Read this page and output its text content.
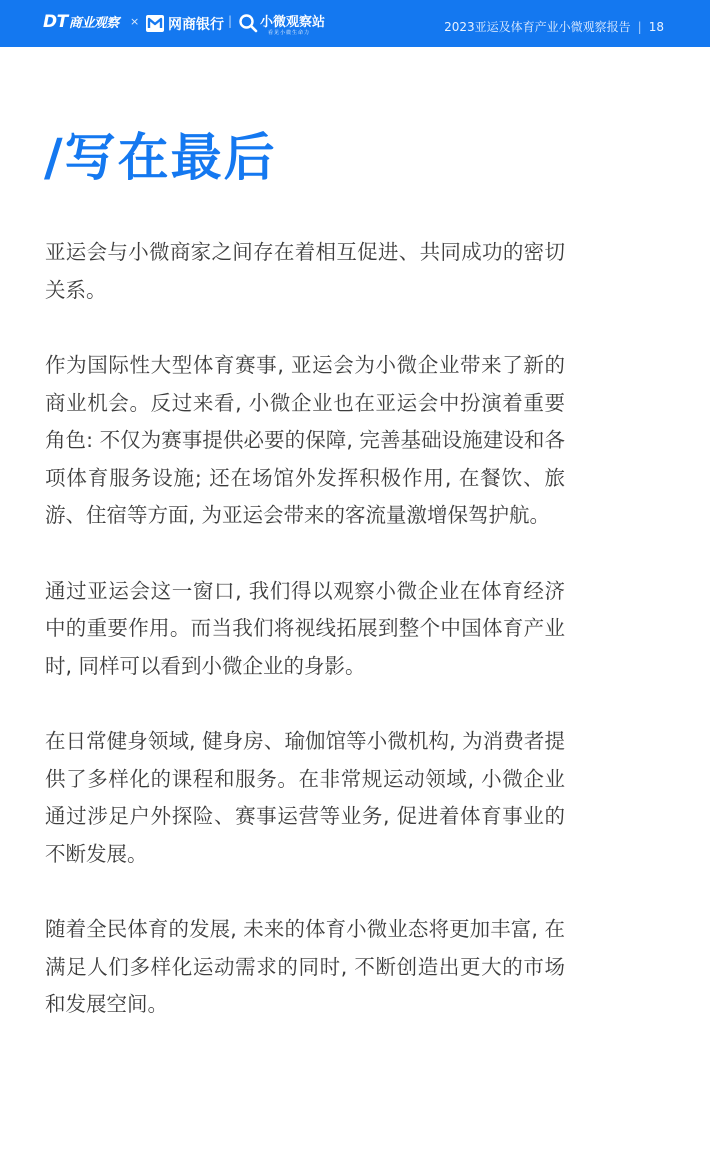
DT商业观察 × 网商银行 | 小微观察站
看见小微生命力	2023亚运及体育产业小微观察报告 | 18
/写在最后

亚运会与小微商家之间存在着相互促进、共同成功的密切关系。

作为国际性大型体育赛事, 亚运会为小微企业带来了新的商业机会。反过来看, 小微企业也在亚运会中扮演着重要角色: 不仅为赛事提供必要的保障, 完善基础设施建设和各项体育服务设施; 还在场馆外发挥积极作用, 在餐饮、旅游、住宿等方面, 为亚运会带来的客流量激增保驾护航。

通过亚运会这一窗口, 我们得以观察小微企业在体育经济中的重要作用。而当我们将视线拓展到整个中国体育产业时, 同样可以看到小微企业的身影。

在日常健身领域, 健身房、瑜伽馆等小微机构, 为消费者提供了多样化的课程和服务。在非常规运动领域, 小微企业通过涉足户外探险、赛事运营等业务, 促进着体育事业的不断发展。

随着全民体育的发展, 未来的体育小微业态将更加丰富, 在满足人们多样化运动需求的同时, 不断创造出更大的市场和发展空间。
